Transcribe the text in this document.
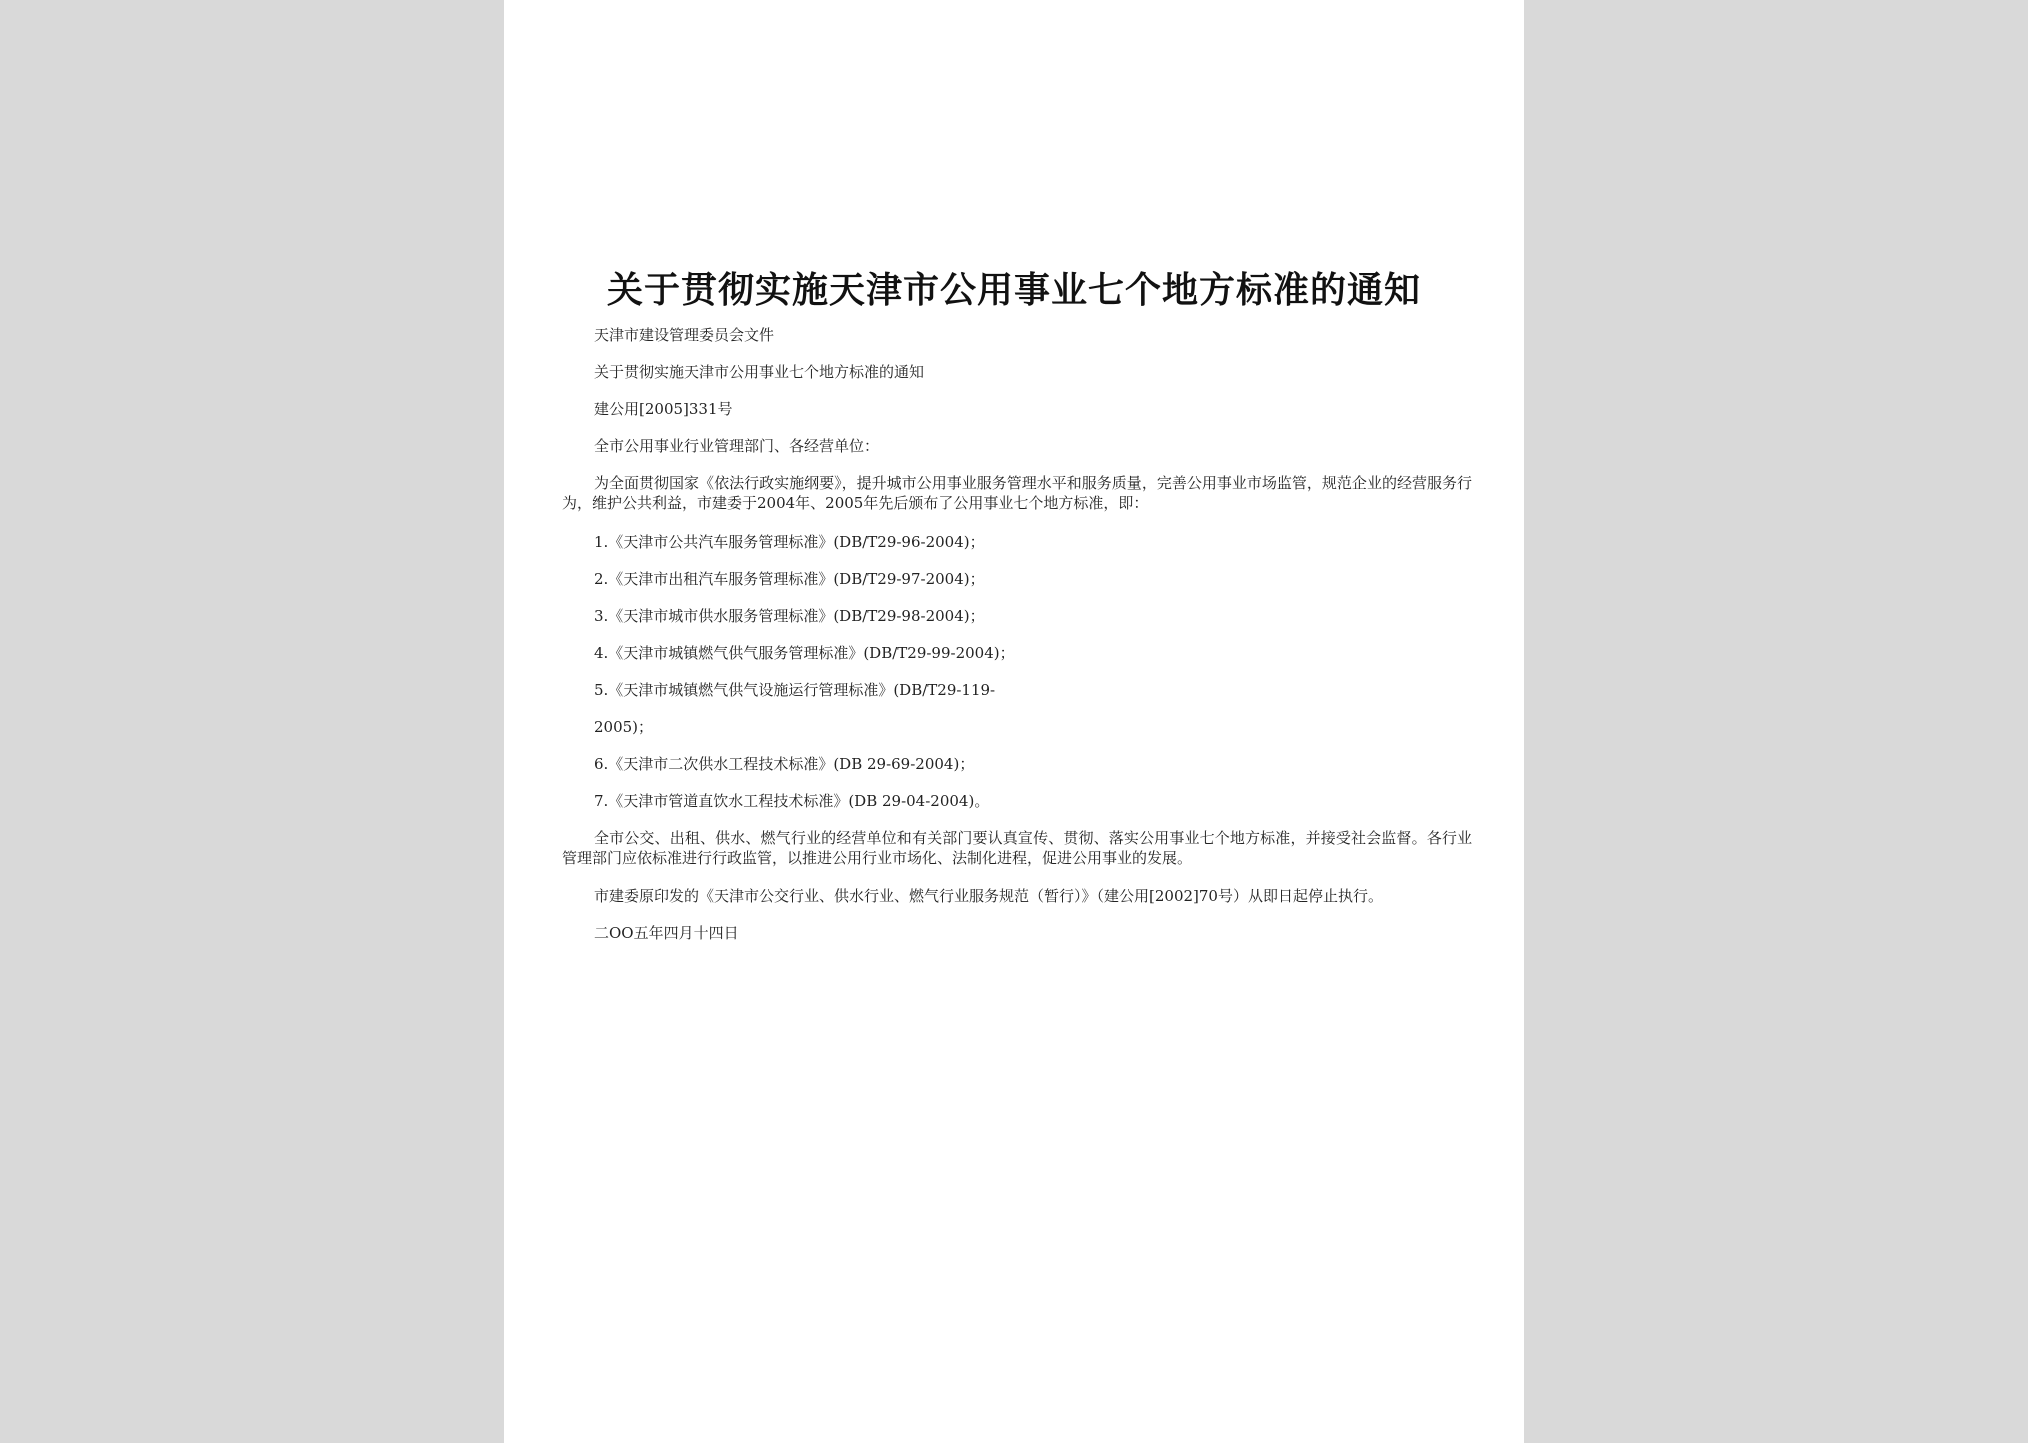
关于贯彻实施天津市公用事业七个地方标准的通知
天津市建设管理委员会文件
关于贯彻实施天津市公用事业七个地方标准的通知
建公用[2005]331号
全市公用事业行业管理部门、各经营单位：
为全面贯彻国家《依法行政实施纲要》，提升城市公用事业服务管理水平和服务质量，完善公用事业市场监管，规范企业的经营服务行为，维护公共利益，市建委于2004年、2005年先后颁布了公用事业七个地方标准，即：
1.《天津市公共汽车服务管理标准》(DB/T29-96-2004)；
2.《天津市出租汽车服务管理标准》(DB/T29-97-2004)；
3.《天津市城市供水服务管理标准》(DB/T29-98-2004)；
4.《天津市城镇燃气供气服务管理标准》(DB/T29-99-2004)；
5.《天津市城镇燃气供气设施运行管理标准》(DB/T29-119-
2005)；
6.《天津市二次供水工程技术标准》(DB 29-69-2004)；
7.《天津市管道直饮水工程技术标准》(DB 29-04-2004)。
全市公交、出租、供水、燃气行业的经营单位和有关部门要认真宣传、贯彻、落实公用事业七个地方标准，并接受社会监督。各行业管理部门应依标准进行行政监管，以推进公用行业市场化、法制化进程，促进公用事业的发展。
市建委原印发的《天津市公交行业、供水行业、燃气行业服务规范（暂行）》（建公用[2002]70号）从即日起停止执行。
二OO五年四月十四日
